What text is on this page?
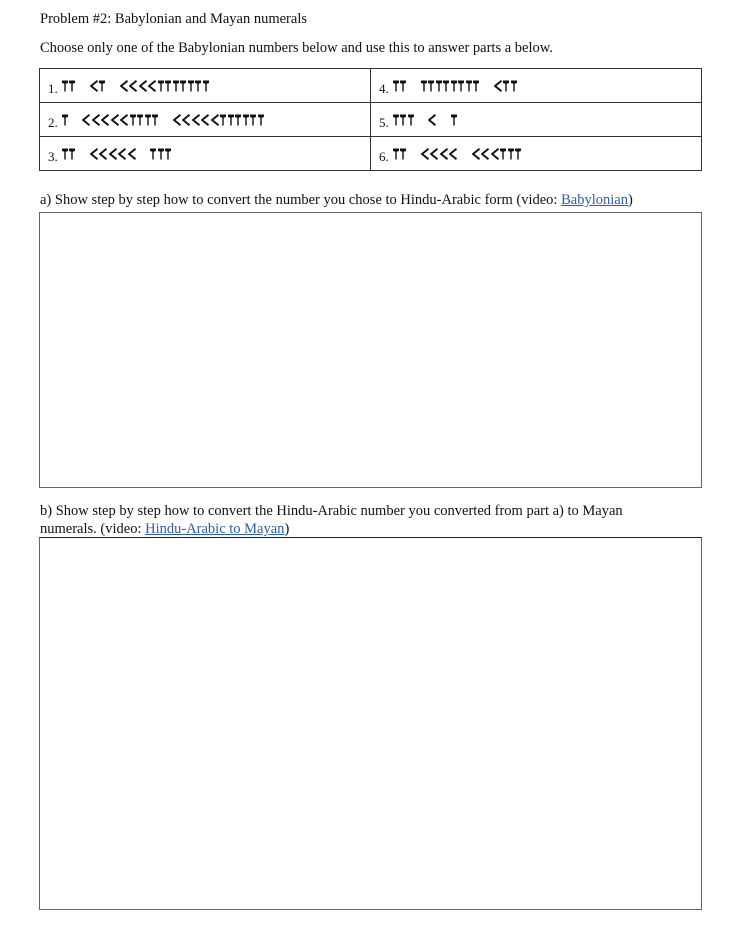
Problem #2: Babylonian and Mayan numerals
Choose only one of the Babylonian numbers below and use this to answer parts a below.
1.	4.

2.	5.

3.	6.
a) Show step by step how to convert the number you chose to Hindu-Arabic form (video: Babylonian)
b) Show step by step how to convert the Hindu-Arabic number you converted from part a) to Mayan
numerals. (video: Hindu-Arabic to Mayan)
